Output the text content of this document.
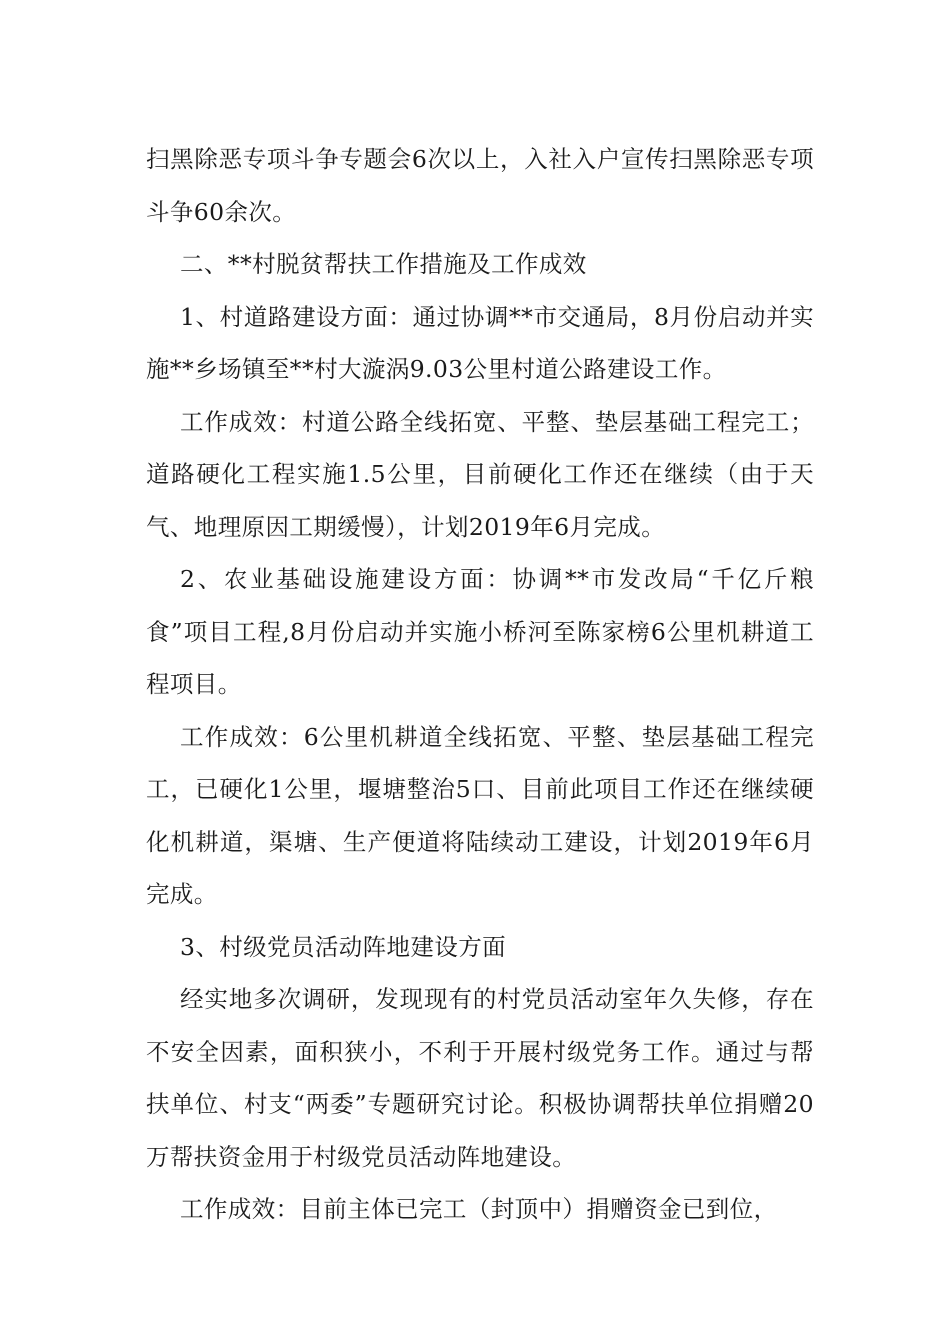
扫黑除恶专项斗争专题会6次以上，入社入户宣传扫黑除恶专项斗争60余次。

二、**村脱贫帮扶工作措施及工作成效

1、村道路建设方面：通过协调**市交通局，8月份启动并实施**乡场镇至**村大漩涡9.03公里村道公路建设工作。

工作成效：村道公路全线拓宽、平整、垫层基础工程完工；道路硬化工程实施1.5公里，目前硬化工作还在继续（由于天气、地理原因工期缓慢），计划2019年6月完成。

2、农业基础设施建设方面：协调**市发改局“千亿斤粮食”项目工程,8月份启动并实施小桥河至陈家榜6公里机耕道工程项目。

工作成效：6公里机耕道全线拓宽、平整、垫层基础工程完工，已硬化1公里，堰塘整治5口、目前此项目工作还在继续硬化机耕道，渠塘、生产便道将陆续动工建设，计划2019年6月完成。

3、村级党员活动阵地建设方面

经实地多次调研，发现现有的村党员活动室年久失修，存在不安全因素，面积狭小，不利于开展村级党务工作。通过与帮扶单位、村支“两委”专题研究讨论。积极协调帮扶单位捐赠20万帮扶资金用于村级党员活动阵地建设。

工作成效：目前主体已完工（封顶中）捐赠资金已到位，
